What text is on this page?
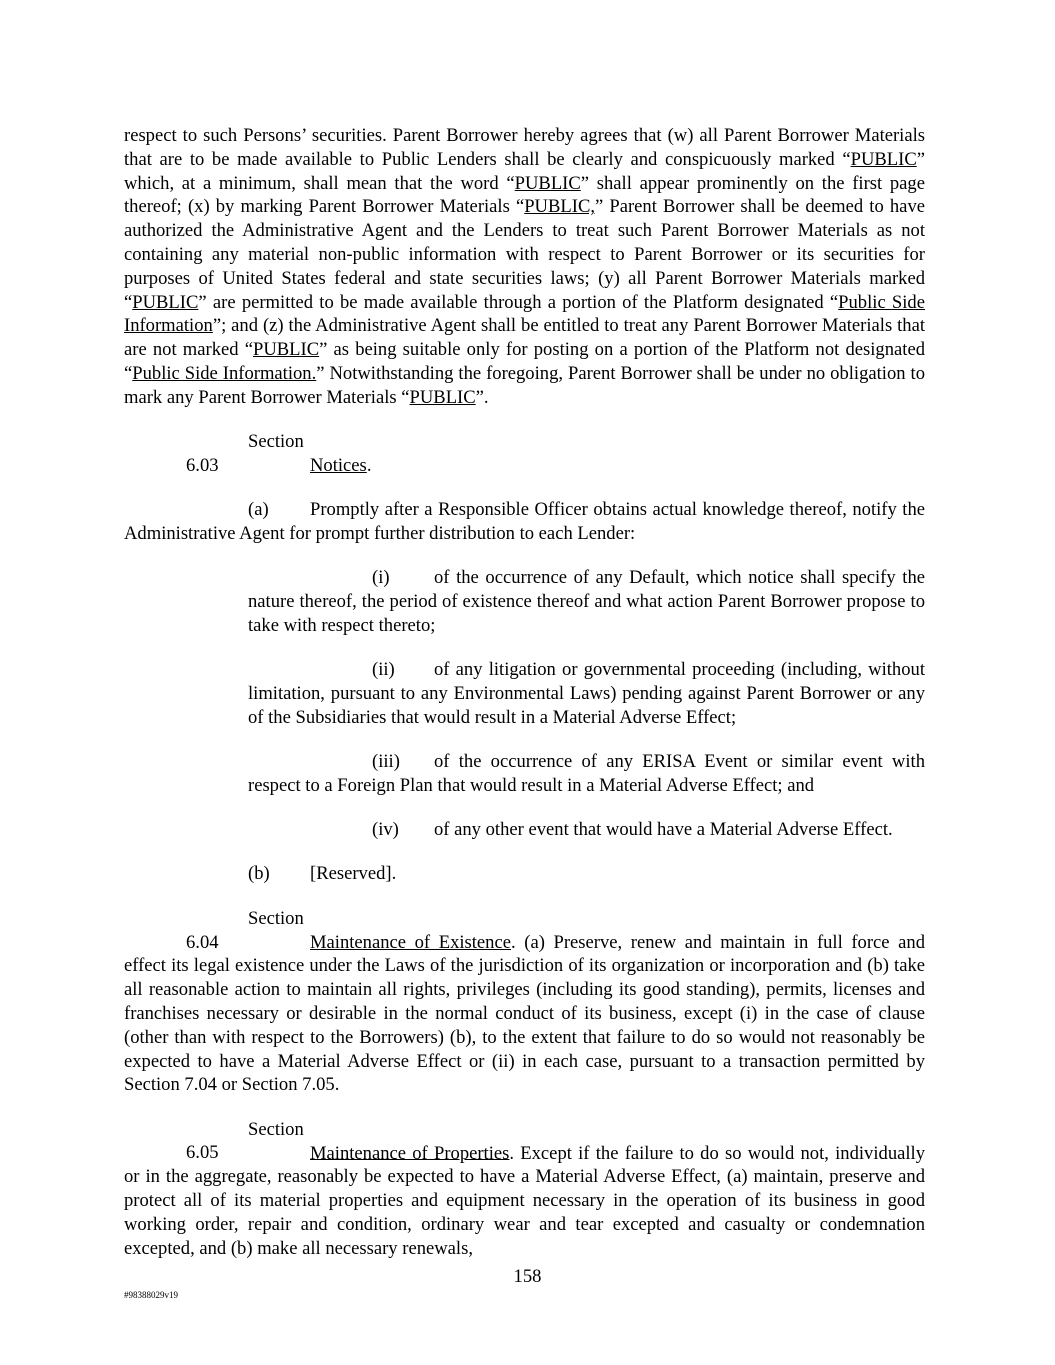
respect to such Persons’ securities. Parent Borrower hereby agrees that (w) all Parent Borrower Materials that are to be made available to Public Lenders shall be clearly and conspicuously marked “PUBLIC” which, at a minimum, shall mean that the word “PUBLIC” shall appear prominently on the first page thereof; (x) by marking Parent Borrower Materials “PUBLIC,” Parent Borrower shall be deemed to have authorized the Administrative Agent and the Lenders to treat such Parent Borrower Materials as not containing any material non-public information with respect to Parent Borrower or its securities for purposes of United States federal and state securities laws; (y) all Parent Borrower Materials marked “PUBLIC” are permitted to be made available through a portion of the Platform designated “Public Side Information”; and (z) the Administrative Agent shall be entitled to treat any Parent Borrower Materials that are not marked “PUBLIC” as being suitable only for posting on a portion of the Platform not designated “Public Side Information.” Notwithstanding the foregoing, Parent Borrower shall be under no obligation to mark any Parent Borrower Materials “PUBLIC”.

Section 6.03	Notices.

(a) Promptly after a Responsible Officer obtains actual knowledge thereof, notify the Administrative Agent for prompt further distribution to each Lender:

(i) of the occurrence of any Default, which notice shall specify the nature thereof, the period of existence thereof and what action Parent Borrower propose to take with respect thereto;

(ii) of any litigation or governmental proceeding (including, without limitation, pursuant to any Environmental Laws) pending against Parent Borrower or any of the Subsidiaries that would result in a Material Adverse Effect;

(iii) of the occurrence of any ERISA Event or similar event with respect to a Foreign Plan that would result in a Material Adverse Effect; and

(iv) of any other event that would have a Material Adverse Effect.

(b) [Reserved].

Section 6.04	Maintenance of Existence. (a) Preserve, renew and maintain in full force and effect its legal existence under the Laws of the jurisdiction of its organization or incorporation and (b) take all reasonable action to maintain all rights, privileges (including its good standing), permits, licenses and franchises necessary or desirable in the normal conduct of its business, except (i) in the case of clause (other than with respect to the Borrowers) (b), to the extent that failure to do so would not reasonably be expected to have a Material Adverse Effect or (ii) in each case, pursuant to a transaction permitted by Section 7.04 or Section 7.05.

Section 6.05	Maintenance of Properties. Except if the failure to do so would not, individually or in the aggregate, reasonably be expected to have a Material Adverse Effect, (a) maintain, preserve and protect all of its material properties and equipment necessary in the operation of its business in good working order, repair and condition, ordinary wear and tear excepted and casualty or condemnation excepted, and (b) make all necessary renewals,

158
#98388029v19
